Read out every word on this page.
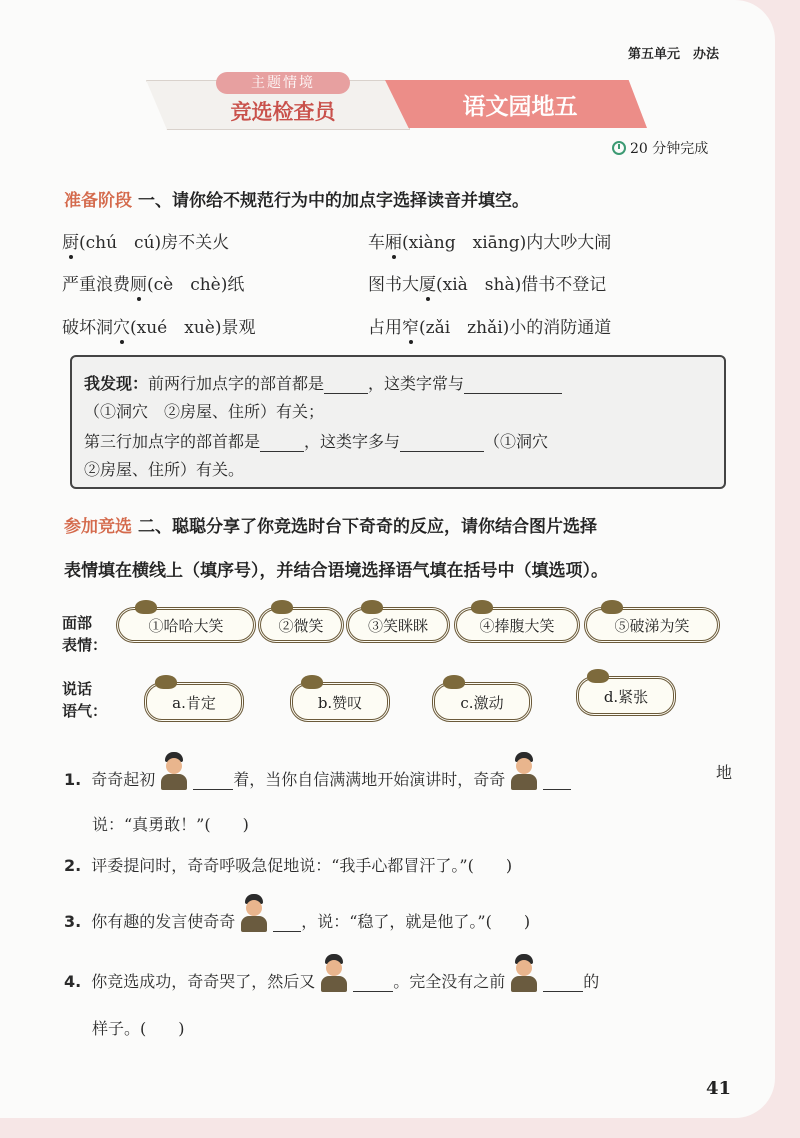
第五单元　办法
主题情境
竞选检查员	语文园地五
20 分钟完成
准备阶段 一、请你给不规范行为中的加点字选择读音并填空。
厨(chú　cú)房不关火	车厢(xiàng　xiāng)内大吵大闹
严重浪费厕(cè　chè)纸	图书大厦(xià　shà)借书不登记
破坏洞穴(xué　xuè)景观	占用窄(zǎi　zhǎi)小的消防通道
我发现：前两行加点字的部首都是	，这类字常与
（①洞穴　②房屋、住所）有关；
第三行加点字的部首都是	，这类字多与	（①洞穴
②房屋、住所）有关。
参加竞选 二、聪聪分享了你竞选时台下奇奇的反应，请你结合图片选择
表情填在横线上（填序号），并结合语境选择语气填在括号中（填选项）。
面部
表情：
①哈哈大笑	②微笑	③笑眯眯	④捧腹大笑	⑤破涕为笑
说话
语气：	a.肯定	b.赞叹	c.激动	d.紧张
1. 奇奇起初	着，当你自信满满地开始演讲时，奇奇	地
说：“真勇敢！”(　　)
2. 评委提问时，奇奇呼吸急促地说：“我手心都冒汗了。”(　　)
3. 你有趣的发言使奇奇	，说：“稳了，就是他了。”(　　)
4. 你竞选成功，奇奇哭了，然后又	。完全没有之前	的
样子。(　　)
41
